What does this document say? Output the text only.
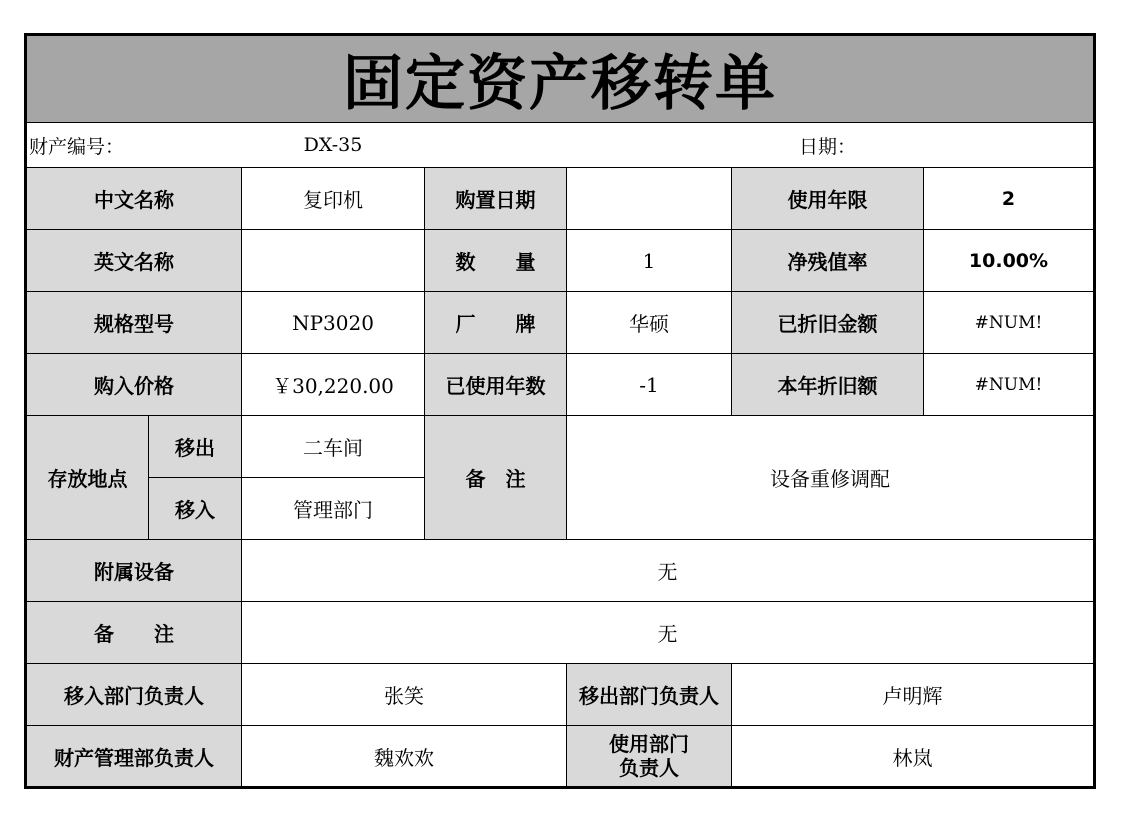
固定资产移转单						
财产编号：		DX-35			日期：	
中文名称		复印机	购置日期		使用年限	2
英文名称			数　　量	1	净残值率	10.00%
规格型号		NP3020	厂　　牌	华硕	已折旧金额	#NUM!
购入价格		￥30,220.00	已使用年数	-1	本年折旧额	#NUM!
存放地点	移出	二车间	备　注	设备重修调配		
	移入	管理部门				
附属设备		无				
备　　注		无				
移入部门负责人		张笑		移出部门负责人	卢明辉	
财产管理部负责人		魏欢欢		使用部门
负责人	林岚	
